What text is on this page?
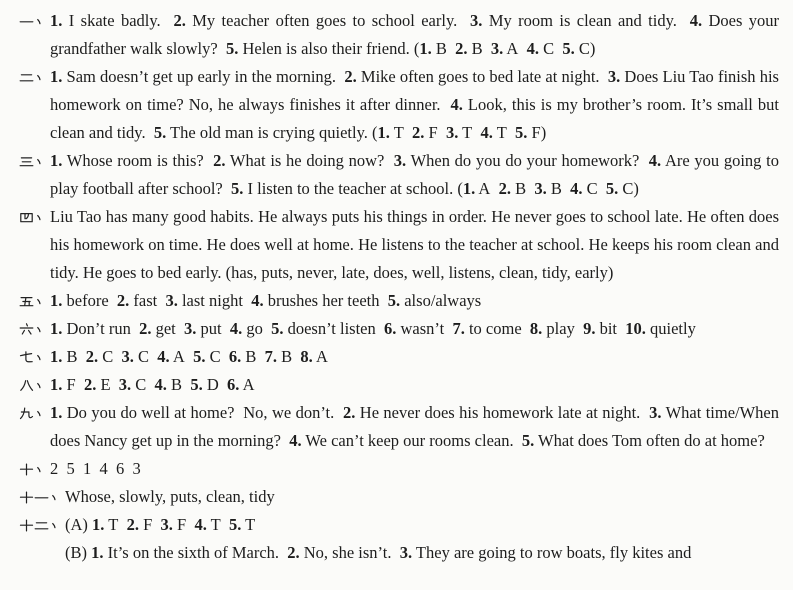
1. I skate badly.  2. My teacher often goes to school early.  3. My room is clean and tidy.  4. Does your grandfather walk slowly?  5. Helen is also their friend. (1. B  2. B  3. A  4. C  5. C)

1. Sam doesn’t get up early in the morning.  2. Mike often goes to bed late at night.  3. Does Liu Tao finish his homework on time? No, he always finishes it after dinner.  4. Look, this is my brother’s room. It’s small but clean and tidy.  5. The old man is crying quietly. (1. T  2. F  3. T  4. T  5. F)

1. Whose room is this?  2. What is he doing now?  3. When do you do your homework?  4. Are you going to play football after school?  5. I listen to the teacher at school. (1. A  2. B  3. B  4. C  5. C)

Liu Tao has many good habits. He always puts his things in order. He never goes to school late. He often does his homework on time. He does well at home. He listens to the teacher at school. He keeps his room clean and tidy. He goes to bed early. (has, puts, never, late, does, well, listens, clean, tidy, early)

1. before  2. fast  3. last night  4. brushes her teeth  5. also/always

1. Don’t run  2. get  3. put  4. go  5. doesn’t listen  6. wasn’t  7. to come  8. play  9. bit  10. quietly

1. B  2. C  3. C  4. A  5. C  6. B  7. B  8. A

1. F  2. E  3. C  4. B  5. D  6. A

1. Do you do well at home?  No, we don’t.  2. He never does his homework late at night.  3. What time/When does Nancy get up in the morning?  4. We can’t keep our rooms clean.  5. What does Tom often do at home?

2  5  1  4  6  3

Whose, slowly, puts, clean, tidy

(A) 1. T  2. F  3. F  4. T  5. T

(B) 1. It’s on the sixth of March.  2. No, she isn’t.  3. They are going to row boats, fly kites and
